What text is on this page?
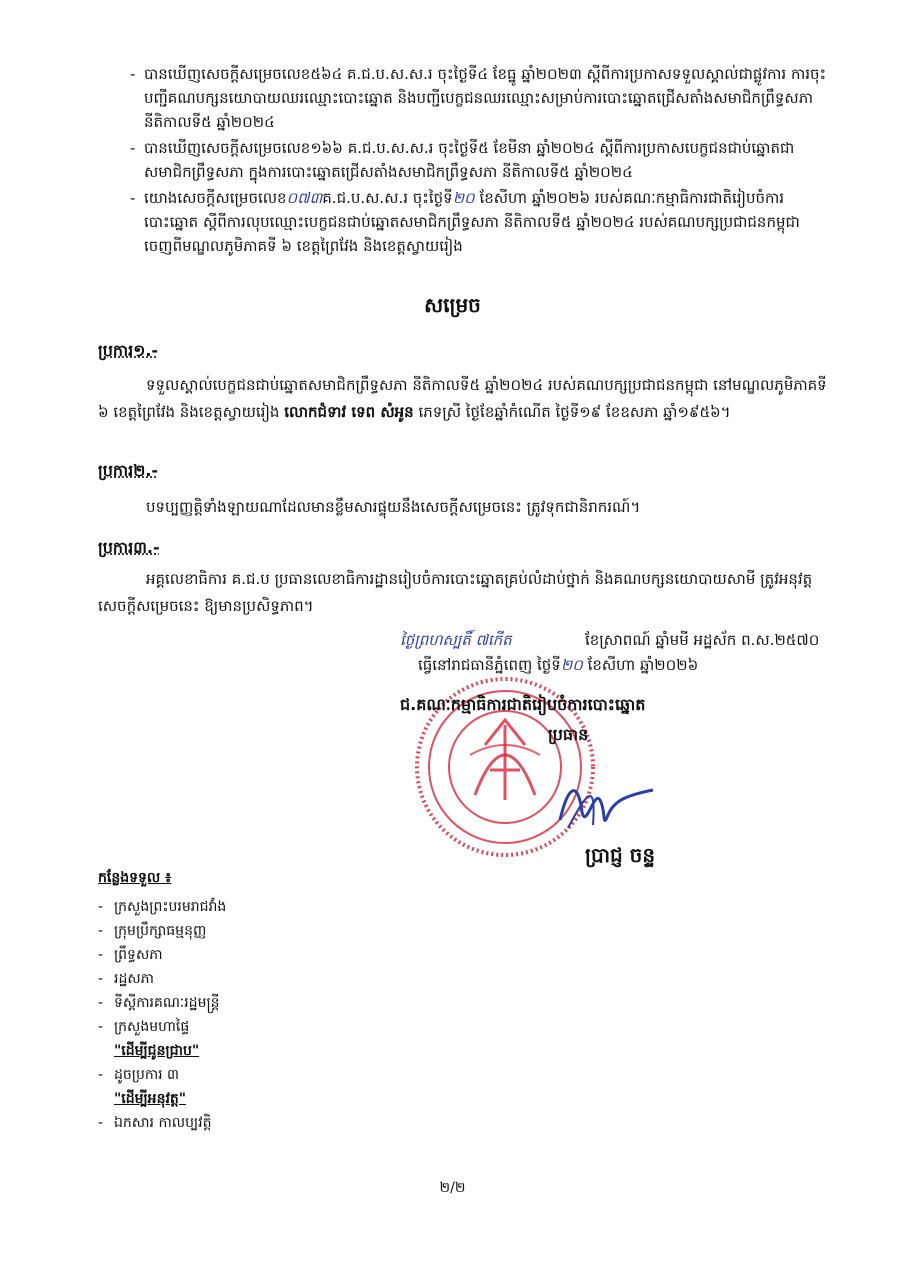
- បានឃើញសេចក្ដីសម្រេចលេខ៥៦៤ គ.ជ.ប.ស.ស.រ ចុះថ្ងៃទី៤ ខែធ្នូ ឆ្នាំ២០២៣ ស្ដីពីការប្រកាសទទួលស្គាល់ជាផ្លូវការ ការចុះបញ្ជីគណបក្សនយោបាយឈរឈ្មោះបោះឆ្នោត និងបញ្ជីបេក្ខជនឈរឈ្មោះសម្រាប់ការបោះឆ្នោតជ្រើសតាំងសមាជិកព្រឹទ្ធសភា នីតិកាលទី៥ ឆ្នាំ២០២៤
- បានឃើញសេចក្ដីសម្រេចលេខ១៦៦ គ.ជ.ប.ស.ស.រ ចុះថ្ងៃទី៥ ខែមីនា ឆ្នាំ២០២៤ ស្ដីពីការប្រកាសបេក្ខជនជាប់ឆ្នោតជាសមាជិកព្រឹទ្ធសភា ក្នុងការបោះឆ្នោតជ្រើសតាំងសមាជិកព្រឹទ្ធសភា នីតិកាលទី៥ ឆ្នាំ២០២៤
- យោងសេចក្ដីសម្រេចលេខ០៧៣គ.ជ.ប.ស.ស.រ ចុះថ្ងៃទី២០ ខែសីហា ឆ្នាំ២០២៦ របស់គណៈកម្មាធិការជាតិរៀបចំការបោះឆ្នោត ស្ដីពីការលុបឈ្មោះបេក្ខជនជាប់ឆ្នោតសមាជិកព្រឹទ្ធសភា នីតិកាលទី៥ ឆ្នាំ២០២៤ របស់គណបក្សប្រជាជនកម្ពុជា ចេញពីមណ្ឌលភូមិភាគទី ៦ ខេត្តព្រៃវែង និងខេត្តស្វាយរៀង
សម្រេច
ប្រការ១.-
ទទួលស្គាល់បេក្ខជនជាប់ឆ្នោតសមាជិកព្រឹទ្ធសភា នីតិកាលទី៥ ឆ្នាំ២០២៤ របស់គណបក្សប្រជាជនកម្ពុជា នៅមណ្ឌលភូមិភាគទី ៦ ខេត្តព្រៃវែង និងខេត្តស្វាយរៀង លោកជំទាវ ទេព សំអូន ភេទស្រី ថ្ងៃខែឆ្នាំកំណើត ថ្ងៃទី១៩ ខែឧសភា ឆ្នាំ១៩៥៦។
ប្រការ២.-
បទប្បញ្ញត្តិទាំងឡាយណាដែលមានខ្លឹមសារផ្ទុយនឹងសេចក្ដីសម្រេចនេះ ត្រូវទុកជានិរាករណ៍។
ប្រការ៣.-
អគ្គលេខាធិការ គ.ជ.ប ប្រធានលេខាធិការដ្ឋានរៀបចំការបោះឆ្នោតគ្រប់លំដាប់ថ្នាក់ និងគណបក្សនយោបាយសាមី ត្រូវអនុវត្តសេចក្ដីសម្រេចនេះ ឱ្យមានប្រសិទ្ធភាព។
ថ្ងៃព្រហស្បតិ៍ ៧កើត	ខែស្រាពណ៍ ឆ្នាំមមី អដ្ឋស័ក ព.ស.២៥៧០
ធ្វើនៅរាជធានីភ្នំពេញ ថ្ងៃទី២០ ខែសីហា ឆ្នាំ២០២៦
ជ.គណៈកម្មាធិការជាតិរៀបចំការបោះឆ្នោត
ប្រធាន
ប្រាជ្ញ ចន្ទ
កន្លែងទទួល ៖
- ក្រសួងព្រះបរមរាជវាំង
- ក្រុមប្រឹក្សាធម្មនុញ្ញ
- ព្រឹទ្ធសភា
- រដ្ឋសភា
- ទីស្ដីការគណៈរដ្ឋមន្ត្រី
- ក្រសួងមហាផ្ទៃ
"ដើម្បីជូនជ្រាប"
- ដូចប្រការ ៣
"ដើម្បីអនុវត្ត"
- ឯកសារ កាលប្បវត្តិ
២/២
